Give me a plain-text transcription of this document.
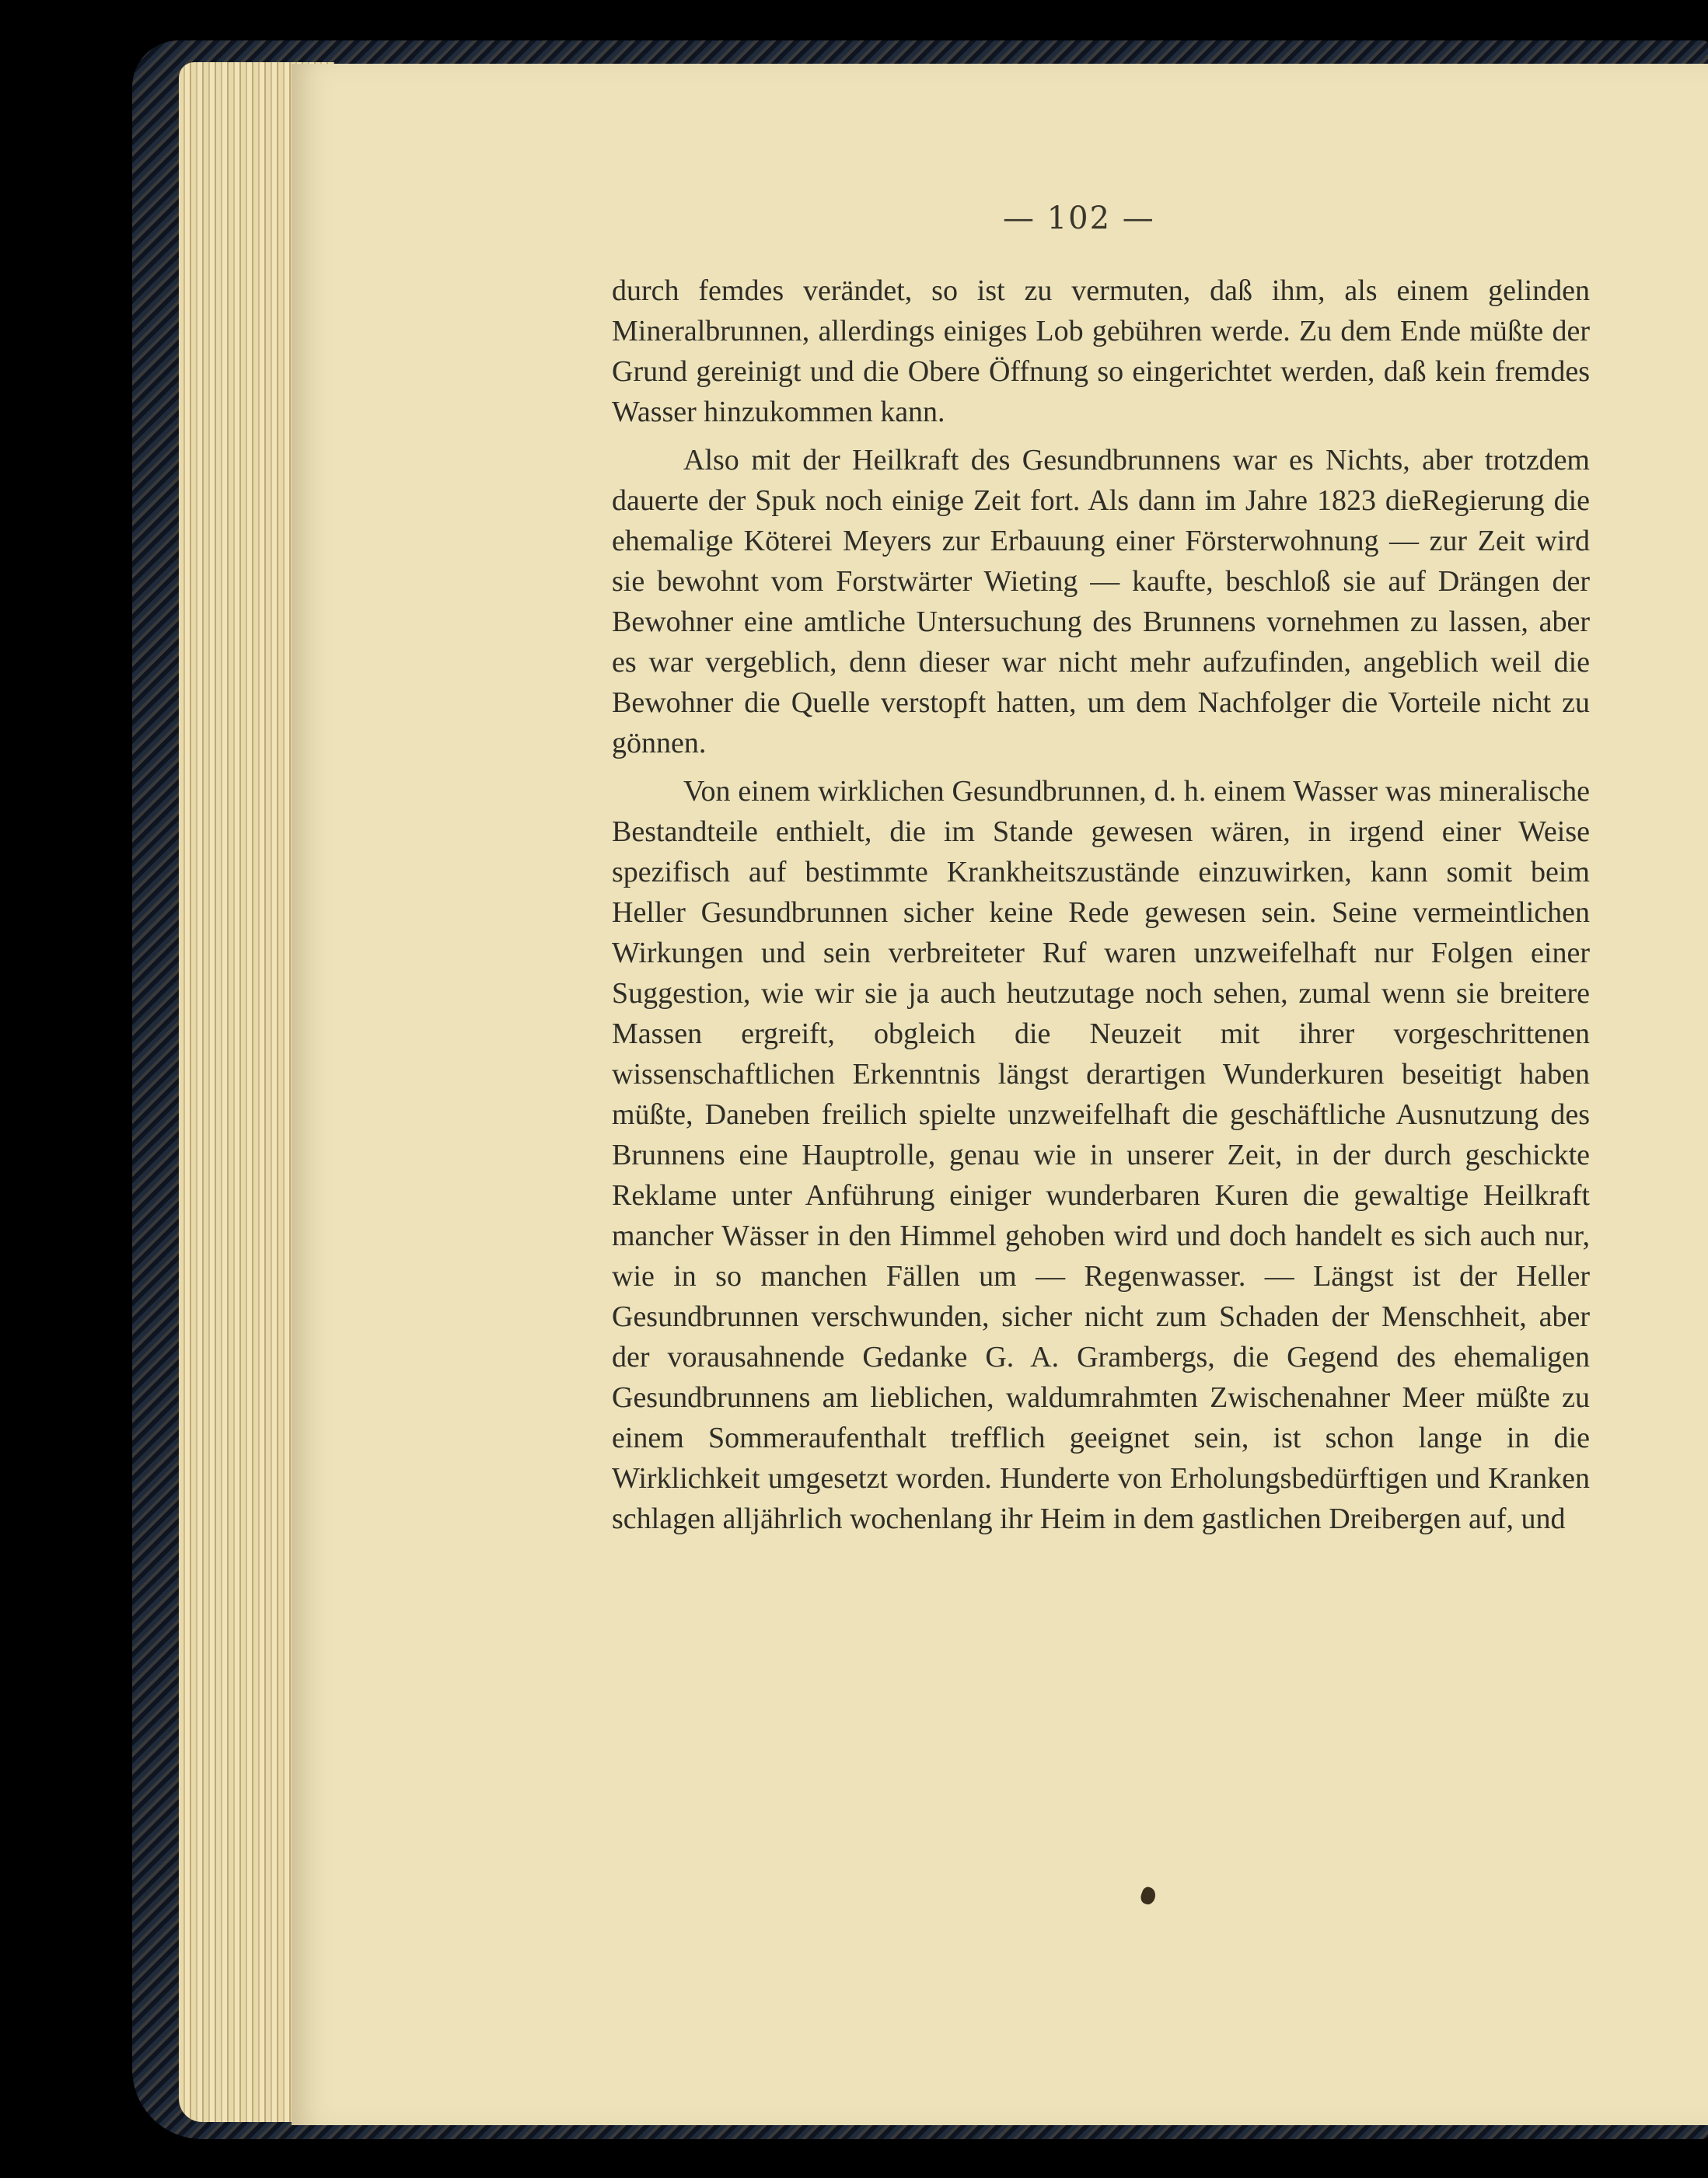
— 102 —

durch femdes verändet, so ist zu vermuten, daß ihm, als einem gelinden Mineralbrunnen, allerdings einiges Lob gebühren werde. Zu dem Ende müßte der Grund gereinigt und die Obere Öffnung so eingerichtet werden, daß kein fremdes Wasser hinzukommen kann.

Also mit der Heilkraft des Gesundbrunnens war es Nichts, aber trotzdem dauerte der Spuk noch einige Zeit fort. Als dann im Jahre 1823 dieRegierung die ehemalige Köterei Meyers zur Erbauung einer Försterwohnung — zur Zeit wird sie bewohnt vom Forstwärter Wieting — kaufte, beschloß sie auf Drängen der Bewohner eine amtliche Untersuchung des Brunnens vornehmen zu lassen, aber es war vergeblich, denn dieser war nicht mehr aufzufinden, angeblich weil die Bewohner die Quelle verstopft hatten, um dem Nachfolger die Vorteile nicht zu gönnen.

Von einem wirklichen Gesundbrunnen, d. h. einem Wasser was mineralische Bestandteile enthielt, die im Stande gewesen wären, in irgend einer Weise spezifisch auf bestimmte Krankheitszustände einzuwirken, kann somit beim Heller Gesundbrunnen sicher keine Rede gewesen sein. Seine vermeintlichen Wirkungen und sein verbreiteter Ruf waren unzweifelhaft nur Folgen einer Suggestion, wie wir sie ja auch heutzutage noch sehen, zumal wenn sie breitere Massen ergreift, obgleich die Neuzeit mit ihrer vorgeschrittenen wissenschaftlichen Erkenntnis längst derartigen Wunderkuren beseitigt haben müßte, Daneben freilich spielte unzweifelhaft die geschäftliche Ausnutzung des Brunnens eine Hauptrolle, genau wie in unserer Zeit, in der durch geschickte Reklame unter Anführung einiger wunderbaren Kuren die gewaltige Heilkraft mancher Wässer in den Himmel gehoben wird und doch handelt es sich auch nur, wie in so manchen Fällen um — Regenwasser. — Längst ist der Heller Gesundbrunnen verschwunden, sicher nicht zum Schaden der Menschheit, aber der vorausahnende Gedanke G. A. Grambergs, die Gegend des ehemaligen Gesundbrunnens am lieblichen, waldumrahmten Zwischenahner Meer müßte zu einem Sommeraufenthalt trefflich geeignet sein, ist schon lange in die Wirklichkeit umgesetzt worden. Hunderte von Erholungsbedürftigen und Kranken schlagen alljährlich wochenlang ihr Heim in dem gastlichen Dreibergen auf, und
